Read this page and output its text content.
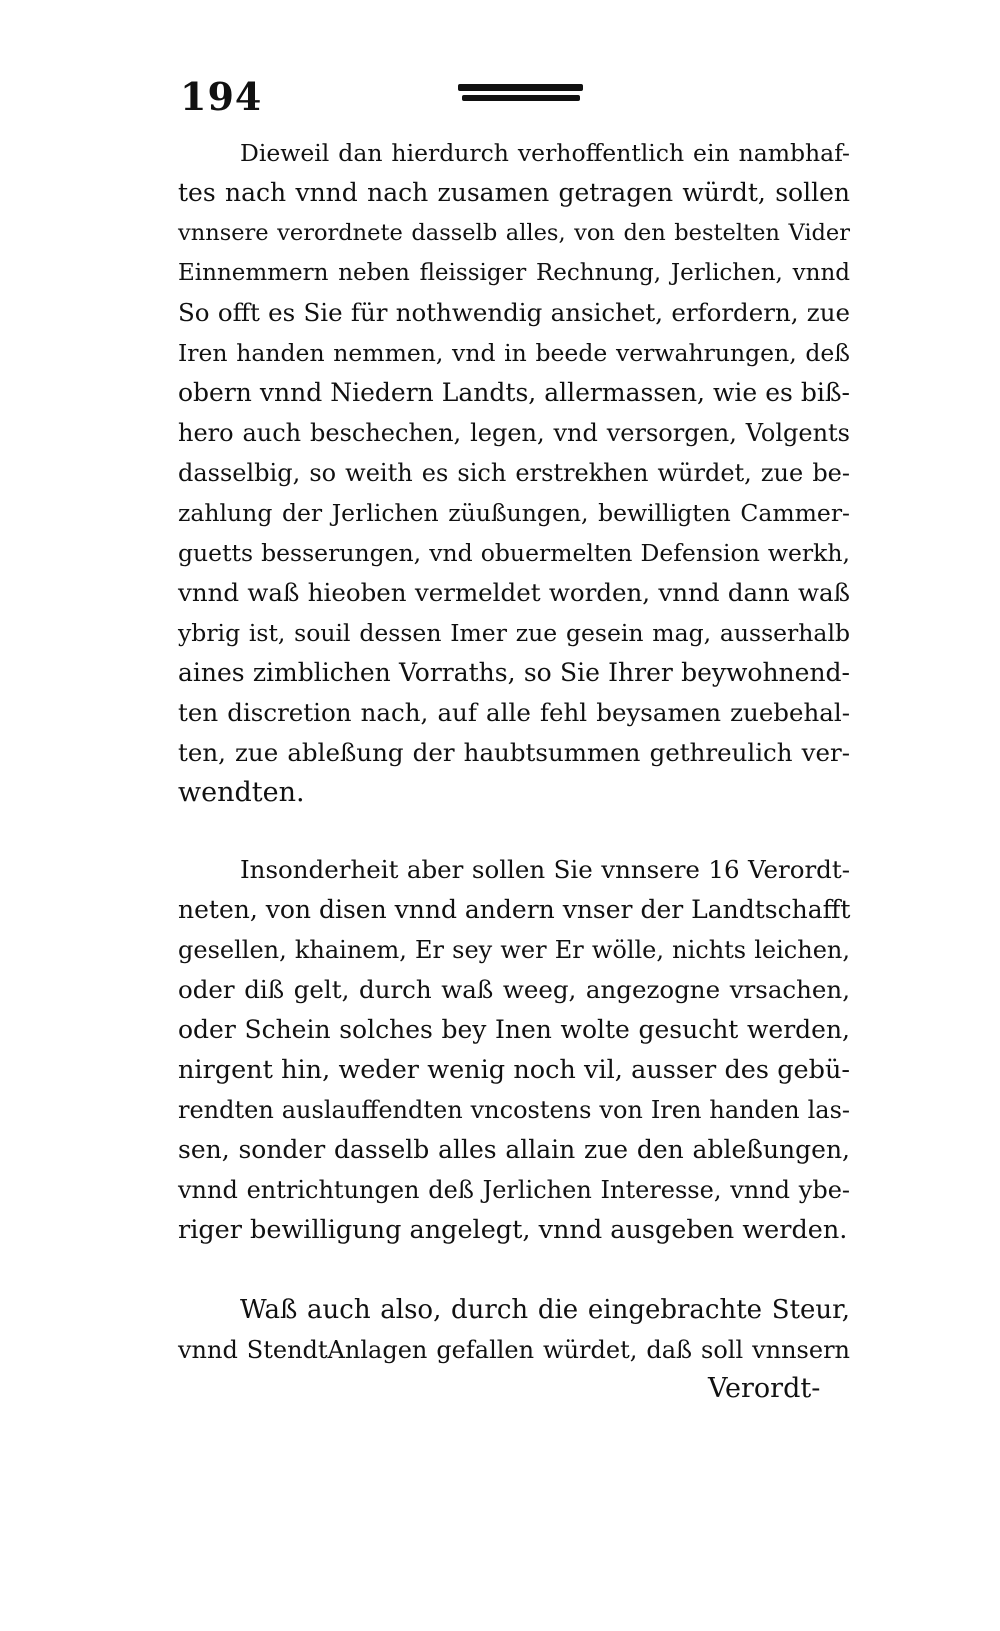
194
Dieweil dan hierdurch verhoffentlich ein nambhaf-
tes nach vnnd nach zusamen getragen würdt, sollen
vnnsere verordnete dasselb alles, von den bestelten Vider
Einnemmern neben fleissiger Rechnung, Jerlichen, vnnd
So offt es Sie für nothwendig ansichet, erfordern, zue
Iren handen nemmen, vnd in beede verwahrungen, deß
obern vnnd Niedern Landts, allermassen, wie es biß-
hero auch beschechen, legen, vnd versorgen, Volgents
dasselbig, so weith es sich erstrekhen würdet, zue be-
zahlung der Jerlichen züußungen, bewilligten Cammer-
guetts besserungen, vnd obuermelten Defension werkh,
vnnd waß hieoben vermeldet worden, vnnd dann waß
ybrig ist, souil dessen Imer zue gesein mag, ausserhalb
aines zimblichen Vorraths, so Sie Ihrer beywohnend-
ten discretion nach, auf alle fehl beysamen zuebehal-
ten, zue ableßung der haubtsummen gethreulich ver-
wendten.
Insonderheit aber sollen Sie vnnsere 16 Verordt-
neten, von disen vnnd andern vnser der Landtschafft
gesellen, khainem, Er sey wer Er wölle, nichts leichen,
oder diß gelt, durch waß weeg, angezogne vrsachen,
oder Schein solches bey Inen wolte gesucht werden,
nirgent hin, weder wenig noch vil, ausser des gebü-
rendten auslauffendten vncostens von Iren handen las-
sen, sonder dasselb alles allain zue den ableßungen,
vnnd entrichtungen deß Jerlichen Interesse, vnnd ybe-
riger bewilligung angelegt, vnnd ausgeben werden.
Waß auch also, durch die eingebrachte Steur,
vnnd StendtAnlagen gefallen würdet, daß soll vnnsern
Verordt-
